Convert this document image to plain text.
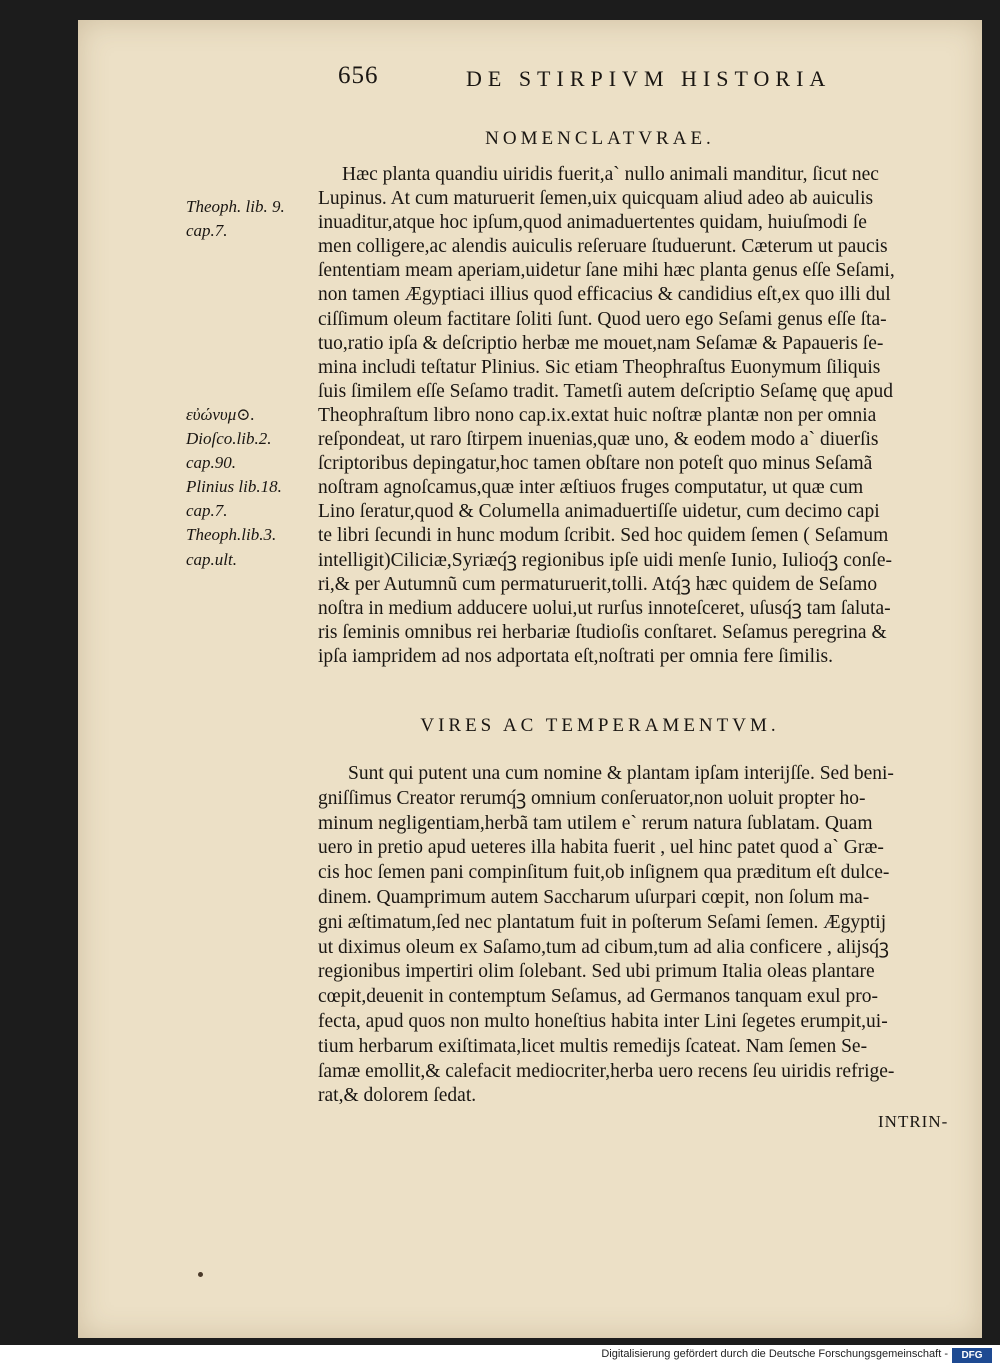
656	DE STIRPIVM HISTORIA
NOMENCLATVRAE.
Theoph. lib. 9.
cap.7.
εὐώνυμ⊙.
Dioſco.lib.2.
cap.90.
Plinius lib.18.
cap.7.
Theoph.lib.3.
cap.ult.
Hæc planta quandiu uiridis fuerit,a` nullo animali manditur, ſicut nec
Lupinus. At cum maturuerit ſemen,uix quicquam aliud adeo ab auiculis
inuaditur,atque hoc ipſum,quod animaduertentes quidam, huiuſmodi ſe
men colligere,ac alendis auiculis reſeruare ſtuduerunt. Cæterum ut paucis
ſententiam meam aperiam,uidetur ſane mihi hæc planta genus eſſe Seſami,
non tamen Ægyptiaci illius quod efficacius & candidius eſt,ex quo illi dul
ciſſimum oleum factitare ſoliti ſunt. Quod uero ego Seſami genus eſſe ſta-
tuo,ratio ipſa & deſcriptio herbæ me mouet,nam Seſamæ & Papaueris ſe-
mina includi teſtatur Plinius. Sic etiam Theophraſtus Euonymum ſiliquis
ſuis ſimilem eſſe Seſamo tradit. Tametſi autem deſcriptio Seſamę quę apud
Theophraſtum libro nono cap.ix.extat huic noſtræ plantæ non per omnia
reſpondeat, ut raro ſtirpem inuenias,quæ uno, & eodem modo a` diuerſis
ſcriptoribus depingatur,hoc tamen obſtare non poteſt quo minus Seſamã
noſtram agnoſcamus,quæ inter æſtiuos fruges computatur, ut quæ cum
Lino ſeratur,quod & Columella animaduertiſſe uidetur, cum decimo capi
te libri ſecundi in hunc modum ſcribit. Sed hoc quidem ſemen ( Seſamum
intelligit)Ciliciæ,Syriæq́ꝫ regionibus ipſe uidi menſe Iunio, Iulioq́ꝫ conſe-
ri,& per Autumnũ cum permaturuerit,tolli. Atq́ꝫ hæc quidem de Seſamo
noſtra in medium adducere uolui,ut rurſus innoteſceret, uſusq́ꝫ tam ſaluta-
ris ſeminis omnibus rei herbariæ ſtudioſis conſtaret. Seſamus peregrina &
ipſa iampridem ad nos adportata eſt,noſtrati per omnia fere ſimilis.
VIRES AC TEMPERAMENTVM.
Sunt qui putent una cum nomine & plantam ipſam interijſſe. Sed beni-
gniſſimus Creator rerumq́ꝫ omnium conſeruator,non uoluit propter ho-
minum negligentiam,herbã tam utilem e` rerum natura ſublatam. Quam
uero in pretio apud ueteres illa habita fuerit , uel hinc patet quod a` Græ-
cis hoc ſemen pani compinſitum fuit,ob inſignem qua præditum eſt dulce-
dinem. Quamprimum autem Saccharum uſurpari cœpit, non ſolum ma-
gni æſtimatum,ſed nec plantatum fuit in poſterum Seſami ſemen. Ægyptij
ut diximus oleum ex Saſamo,tum ad cibum,tum ad alia conficere , alijsq́ꝫ
regionibus impertiri olim ſolebant. Sed ubi primum Italia oleas plantare
cœpit,deuenit in contemptum Seſamus, ad Germanos tanquam exul pro-
fecta, apud quos non multo honeſtius habita inter Lini ſegetes erumpit,ui-
tium herbarum exiſtimata,licet multis remedijs ſcateat. Nam ſemen Se-
ſamæ emollit,& calefacit mediocriter,herba uero recens ſeu uiridis refrige-
rat,& dolorem ſedat.
INTRIN-
Digitalisierung gefördert durch die Deutsche Forschungsgemeinschaft -	DFG
